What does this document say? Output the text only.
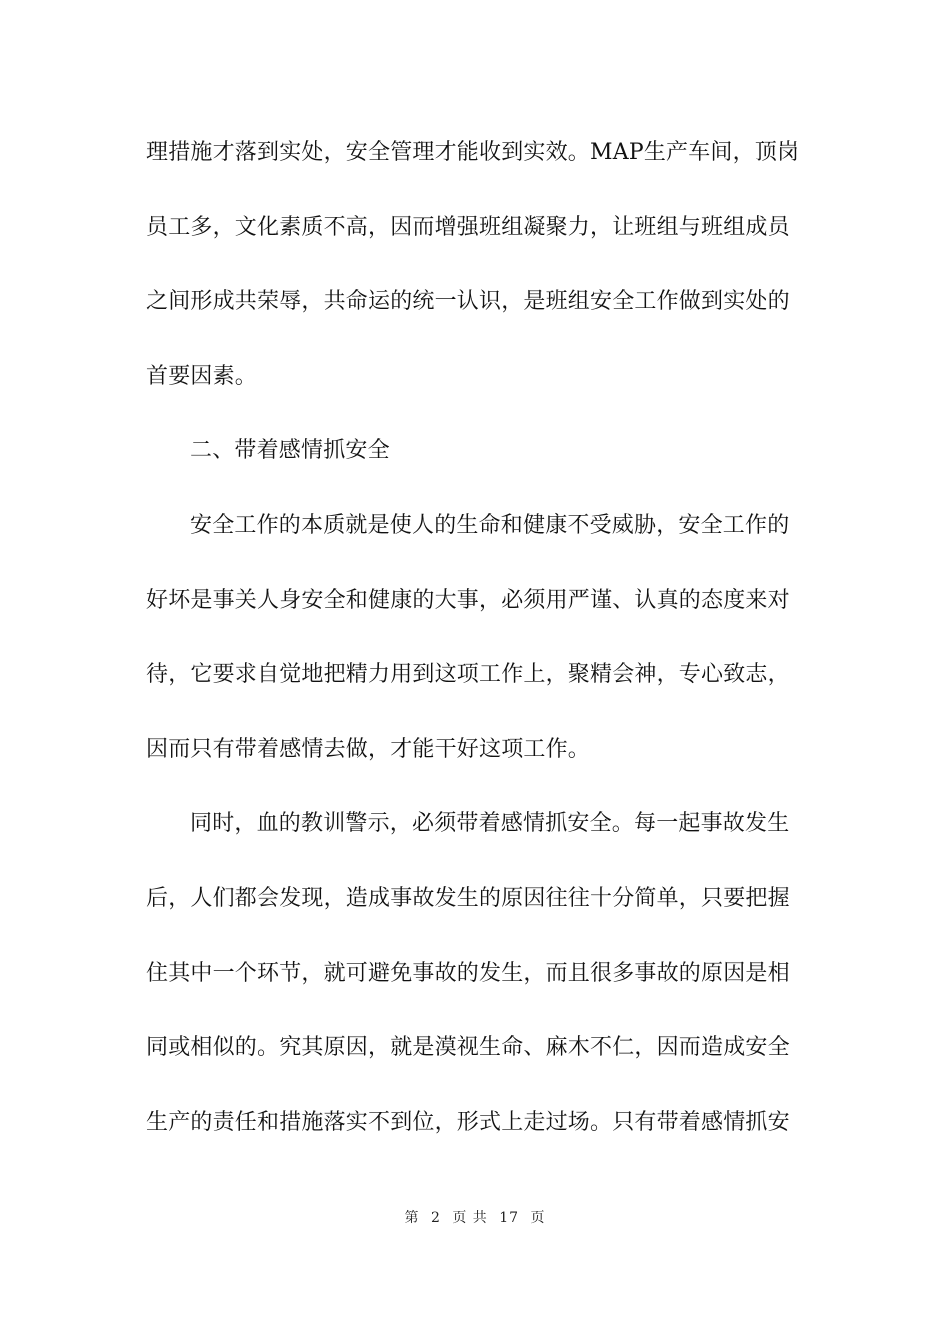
理措施才落到实处，安全管理才能收到实效。MAP生产车间，顶岗
员工多，文化素质不高，因而增强班组凝聚力，让班组与班组成员
之间形成共荣辱，共命运的统一认识，是班组安全工作做到实处的
首要因素。
二、带着感情抓安全
安全工作的本质就是使人的生命和健康不受威胁，安全工作的
好坏是事关人身安全和健康的大事，必须用严谨、认真的态度来对
待，它要求自觉地把精力用到这项工作上，聚精会神，专心致志，
因而只有带着感情去做，才能干好这项工作。
同时，血的教训警示，必须带着感情抓安全。每一起事故发生
后，人们都会发现，造成事故发生的原因往往十分简单，只要把握
住其中一个环节，就可避免事故的发生，而且很多事故的原因是相
同或相似的。究其原因，就是漠视生命、麻木不仁，因而造成安全
生产的责任和措施落实不到位，形式上走过场。只有带着感情抓安
第 2 页 共 17 页
